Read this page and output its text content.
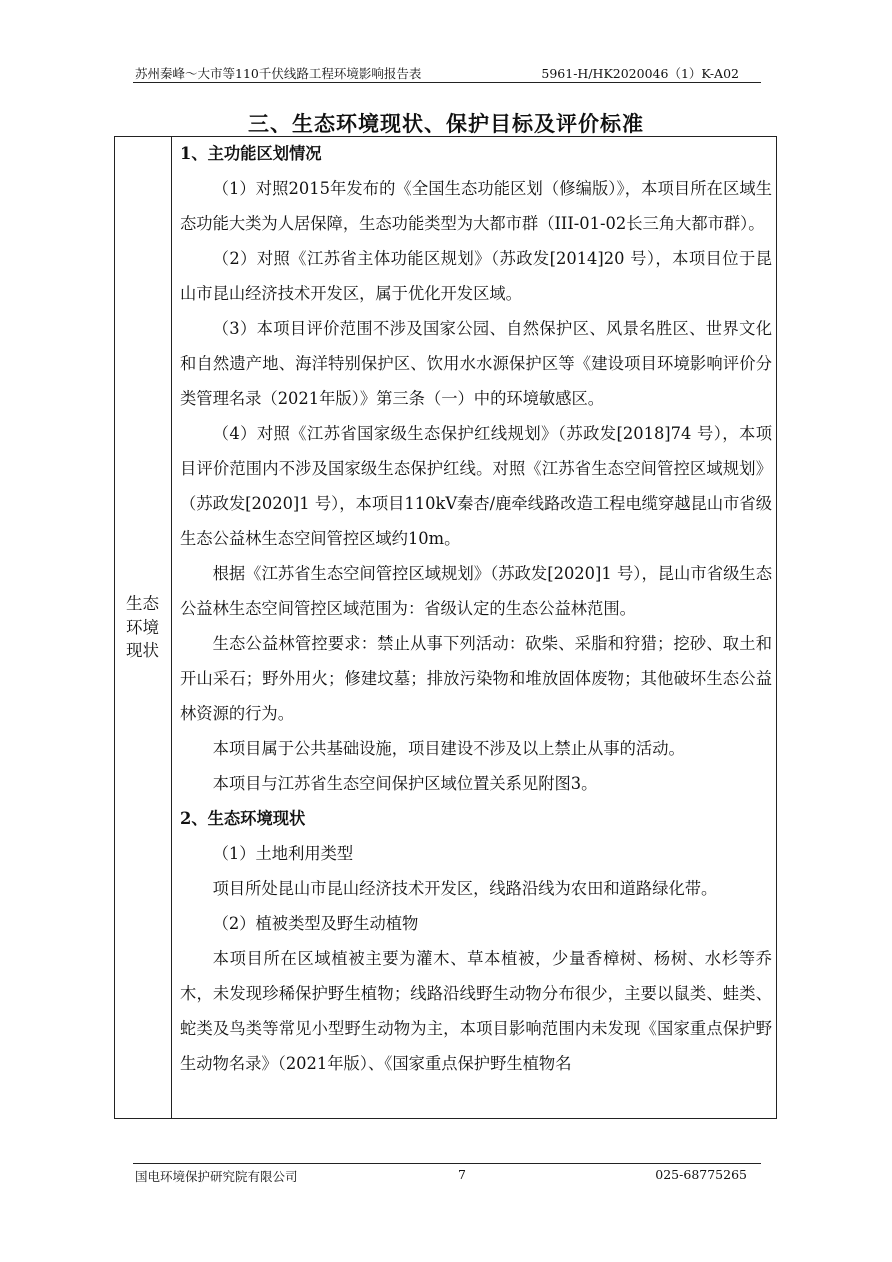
苏州秦峰～大市等110千伏线路工程环境影响报告表	5961-H/HK2020046（1）K-A02
三、生态环境现状、保护目标及评价标准
生态
环境
现状

1、主功能区划情况

（1）对照2015年发布的《全国生态功能区划（修编版）》，本项目所在区域生态功能大类为人居保障，生态功能类型为大都市群（III-01-02长三角大都市群）。

（2）对照《江苏省主体功能区规划》（苏政发[2014]20 号），本项目位于昆山市昆山经济技术开发区，属于优化开发区域。

（3）本项目评价范围不涉及国家公园、自然保护区、风景名胜区、世界文化和自然遗产地、海洋特别保护区、饮用水水源保护区等《建设项目环境影响评价分类管理名录（2021年版）》第三条（一）中的环境敏感区。

（4）对照《江苏省国家级生态保护红线规划》（苏政发[2018]74 号），本项目评价范围内不涉及国家级生态保护红线。对照《江苏省生态空间管控区域规划》（苏政发[2020]1 号），本项目110kV秦杏/鹿牵线路改造工程电缆穿越昆山市省级生态公益林生态空间管控区域约10m。

根据《江苏省生态空间管控区域规划》（苏政发[2020]1 号），昆山市省级生态公益林生态空间管控区域范围为：省级认定的生态公益林范围。

生态公益林管控要求：禁止从事下列活动：砍柴、采脂和狩猎；挖砂、取土和开山采石；野外用火；修建坟墓；排放污染物和堆放固体废物；其他破坏生态公益林资源的行为。

本项目属于公共基础设施，项目建设不涉及以上禁止从事的活动。

本项目与江苏省生态空间保护区域位置关系见附图3。

2、生态环境现状

（1）土地利用类型

项目所处昆山市昆山经济技术开发区，线路沿线为农田和道路绿化带。

（2）植被类型及野生动植物

本项目所在区域植被主要为灌木、草本植被，少量香樟树、杨树、水杉等乔木，未发现珍稀保护野生植物；线路沿线野生动物分布很少，主要以鼠类、蛙类、蛇类及鸟类等常见小型野生动物为主，本项目影响范围内未发现《国家重点保护野生动物名录》（2021年版）、《国家重点保护野生植物名

国电环境保护研究院有限公司	7	025-68775265
